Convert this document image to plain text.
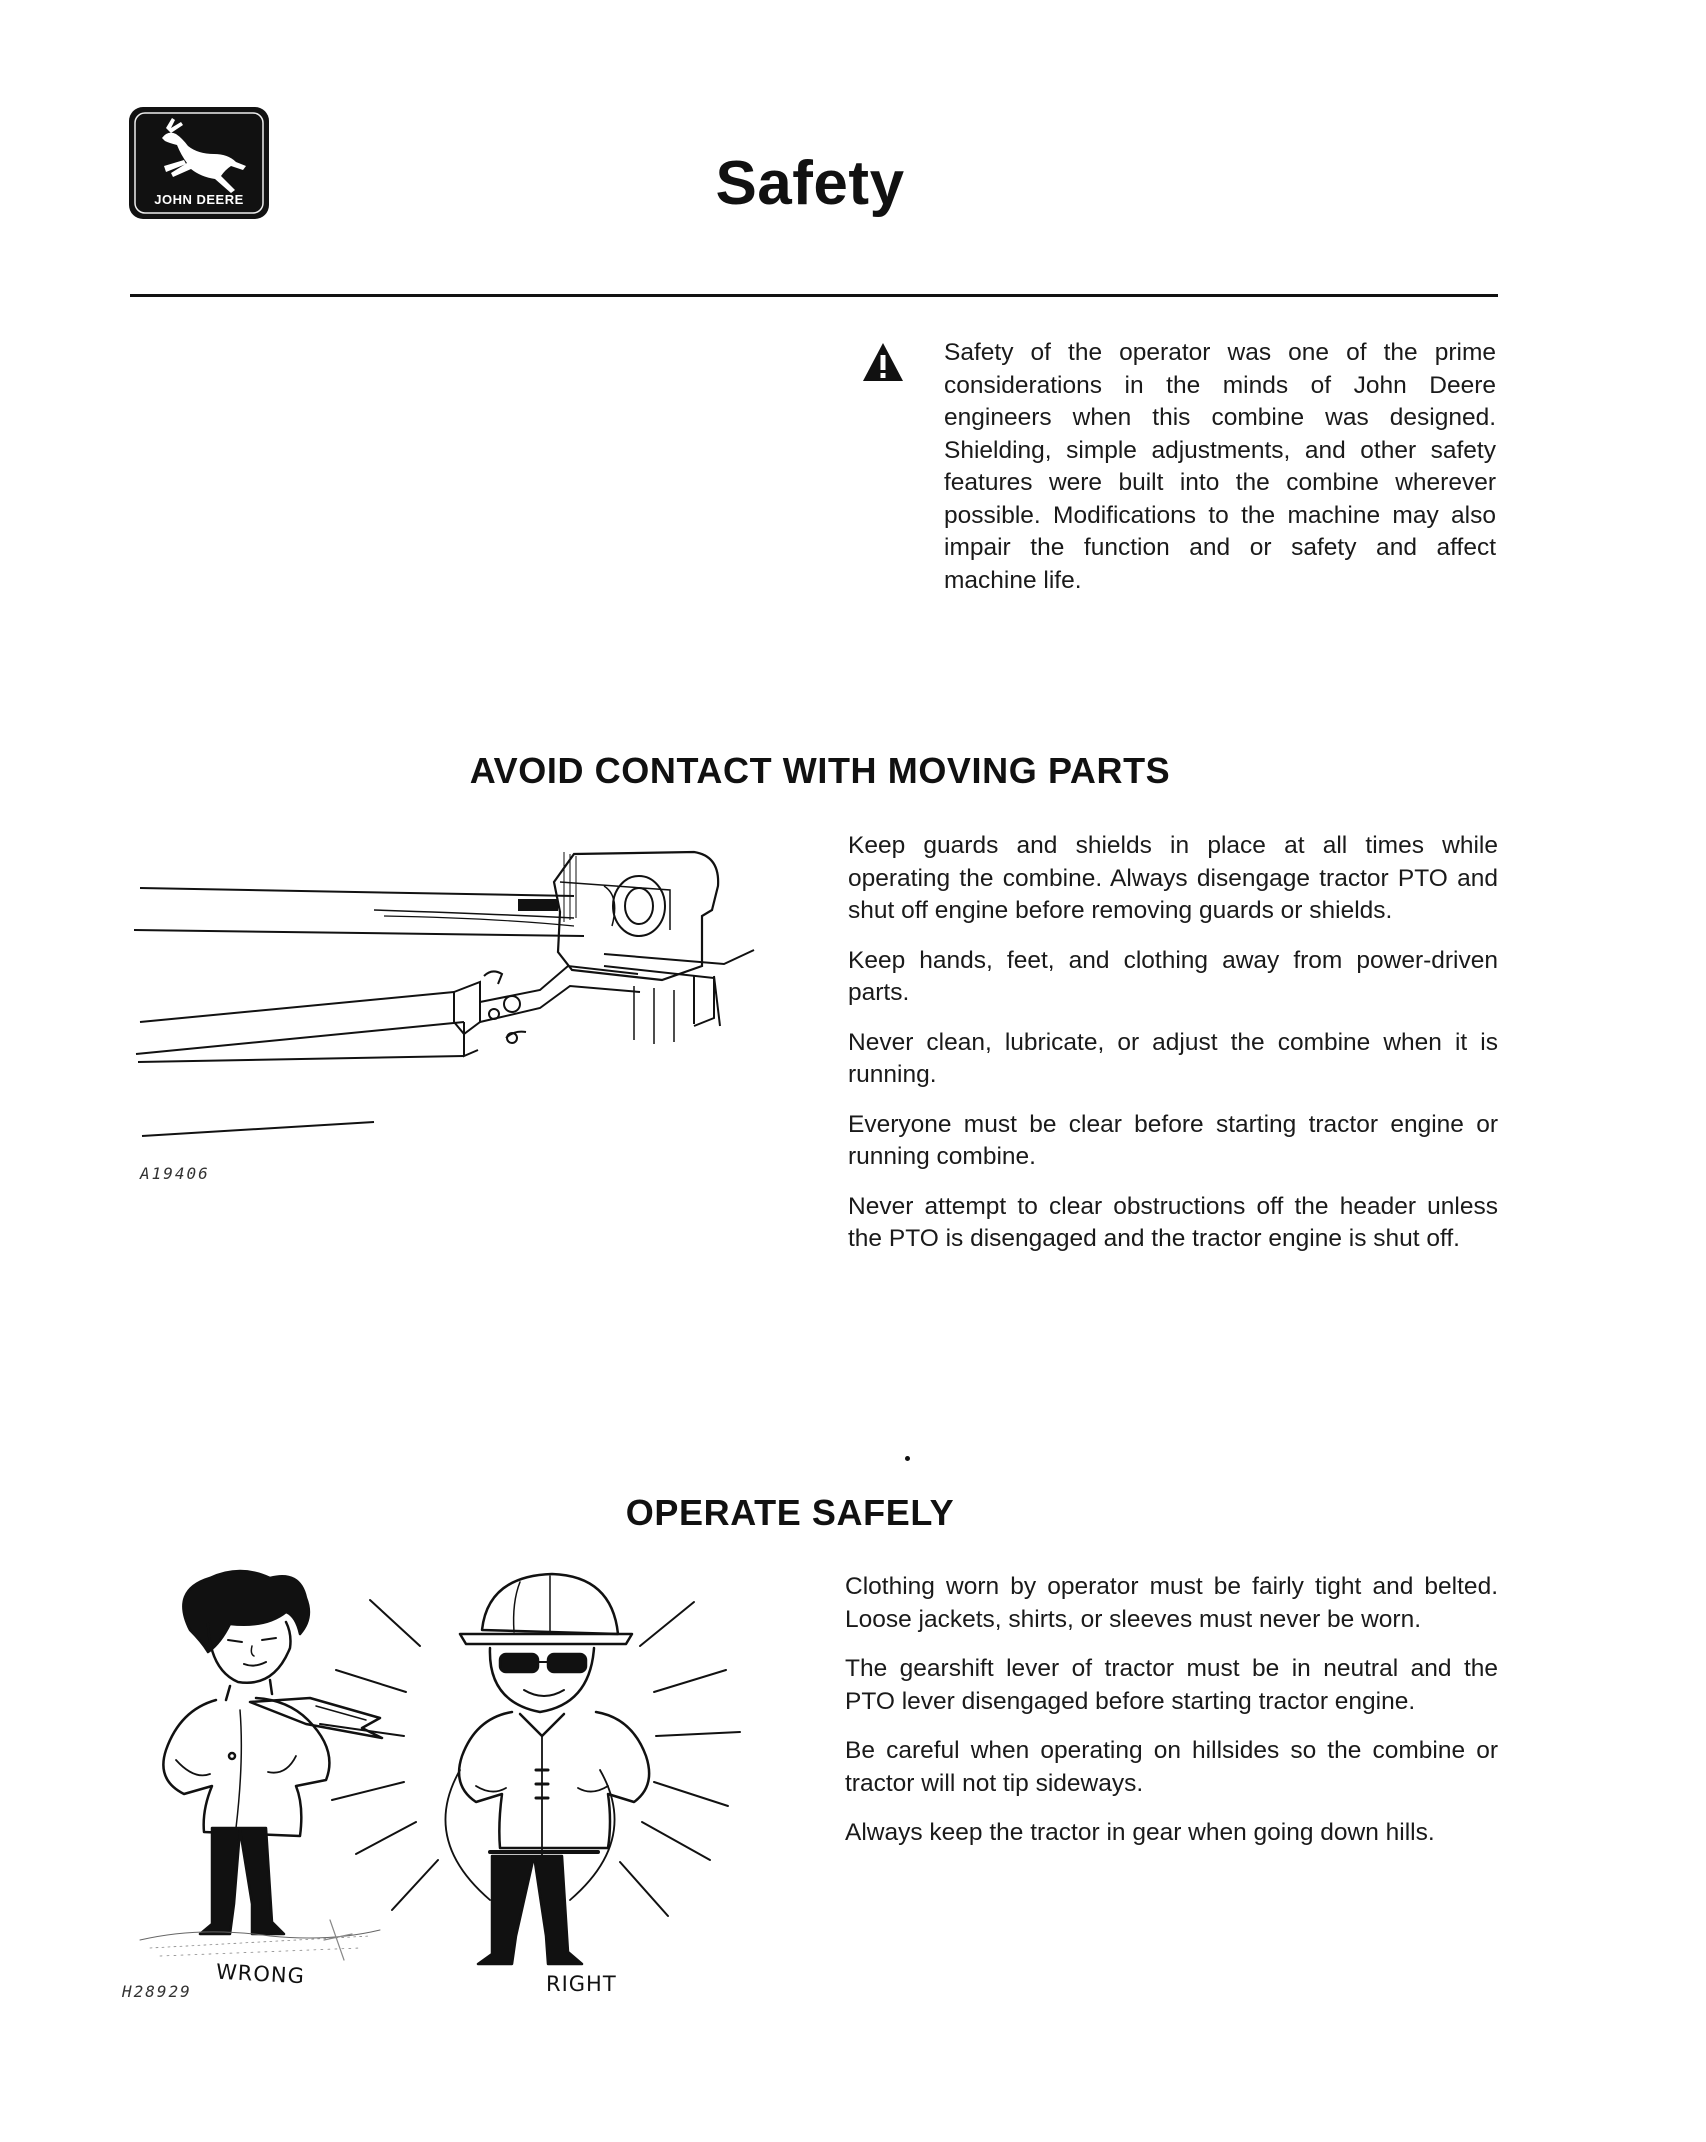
JOHN DEERE	Safety

Safety of the operator was one of the prime considerations in the minds of John Deere engineers when this combine was designed. Shielding, simple adjustments, and other safety features were built into the combine wherever possible. Modifications to the machine may also impair the function and or safety and affect machine life.

AVOID CONTACT WITH MOVING PARTS
A19406

Keep guards and shields in place at all times while operating the combine. Always disengage tractor PTO and shut off engine before removing guards or shields.

Keep hands, feet, and clothing away from power-driven parts.

Never clean, lubricate, or adjust the combine when it is running.

Everyone must be clear before starting tractor engine or running combine.

Never attempt to clear obstructions off the header unless the PTO is disengaged and the tractor engine is shut off.

OPERATE SAFELY
H28929
WRONG	RIGHT

Clothing worn by operator must be fairly tight and belted. Loose jackets, shirts, or sleeves must never be worn.

The gearshift lever of tractor must be in neutral and the PTO lever disengaged before starting tractor engine.

Be careful when operating on hillsides so the combine or tractor will not tip sideways.

Always keep the tractor in gear when going down hills.
